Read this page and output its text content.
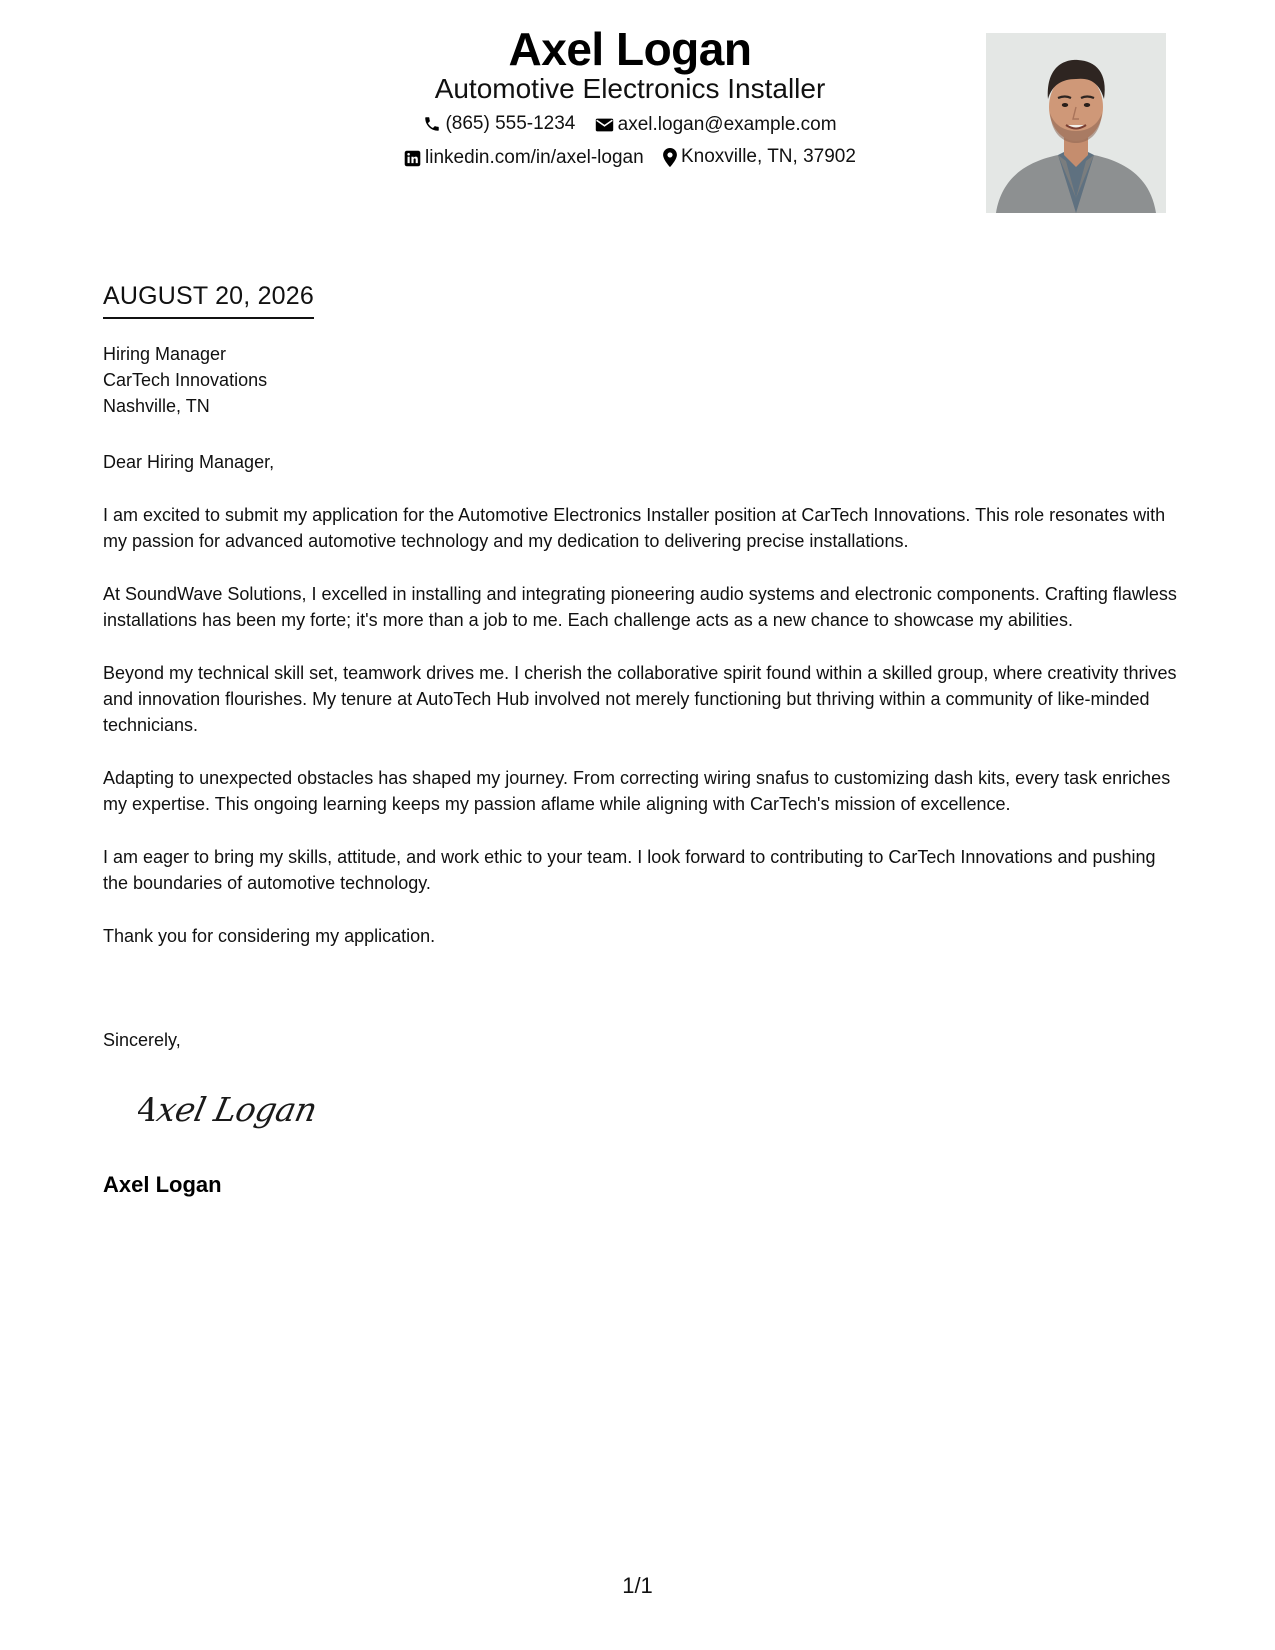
Axel Logan
Automotive Electronics Installer
(865) 555-1234
axel.logan@example.com
linkedin.com/in/axel-logan
Knoxville, TN, 37902
AUGUST 20, 2026
Hiring Manager
CarTech Innovations
Nashville, TN

Dear Hiring Manager,

I am excited to submit my application for the Automotive Electronics Installer position at CarTech Innovations. This role resonates with my passion for advanced automotive technology and my dedication to delivering precise installations.

At SoundWave Solutions, I excelled in installing and integrating pioneering audio systems and electronic components. Crafting flawless installations has been my forte; it's more than a job to me. Each challenge acts as a new chance to showcase my abilities.

Beyond my technical skill set, teamwork drives me. I cherish the collaborative spirit found within a skilled group, where creativity thrives and innovation flourishes. My tenure at AutoTech Hub involved not merely functioning but thriving within a community of like-minded technicians.

Adapting to unexpected obstacles has shaped my journey. From correcting wiring snafus to customizing dash kits, every task enriches my expertise. This ongoing learning keeps my passion aflame while aligning with CarTech's mission of excellence.

I am eager to bring my skills, attitude, and work ethic to your team. I look forward to contributing to CarTech Innovations and pushing the boundaries of automotive technology.

Thank you for considering my application.

Sincerely,
Axel Logan
Axel Logan
1/1
